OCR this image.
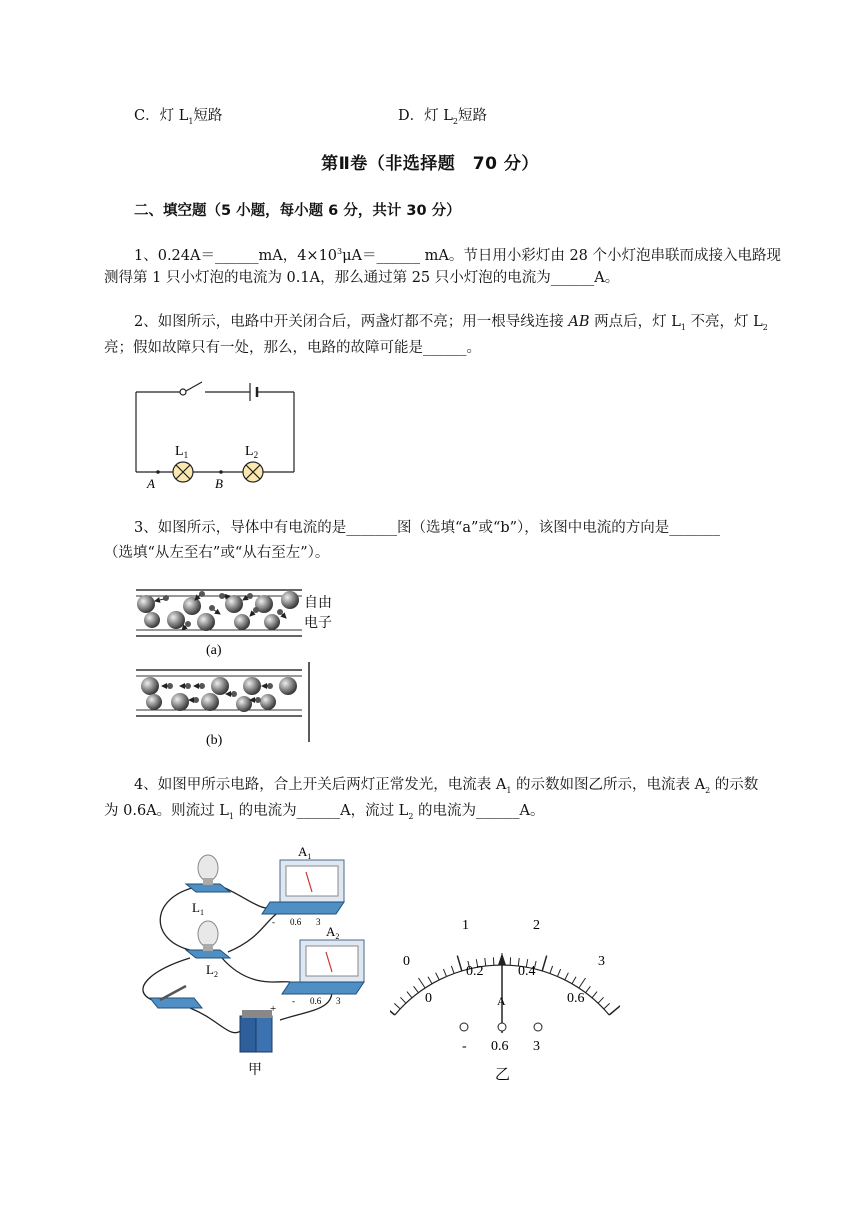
C．灯 $L_1$短路	D．灯 $L_2$短路
第Ⅱ卷（非选择题　70 分）
二、填空题（5 小题，每小题 6 分，共计 30 分）
1、0.24A＝______mA，$4\times 10^3\mu A=\_\_\_\_\_\_$ mA。节日用小彩灯由 28 个小灯泡串联而成接入电路现
测得第 1 只小灯泡的电流为 0.1A，那么通过第 25 只小灯泡的电流为______A。
2、如图所示，电路中开关闭合后，两盏灯都不亮；用一根导线连接 AB 两点后，灯 $L_1$ 不亮，灯 $L_2$
亮；假如故障只有一处，那么，电路的故障可能是______。
$L_1$	$L_2$
A	B
3、如图所示，导体中有电流的是_______图（选填“a”或“b”），该图中电流的方向是_______
（选填“从左至右”或“从右至左”）。
自由
电子
(a)
(b)
4、如图甲所示电路，合上开关后两灯正常发光，电流表 $A_1$ 的示数如图乙所示，电流表 $A_2$ 的示数
为 0.6A。则流过 $L_1$ 的电流为______A，流过 $L_2$ 的电流为______A。
$L_1$
$L_2$
$A_1$
- 0.6 3
$A_2$
- 0.6 3
+
甲
0
1	2
3
0
0.2 0.4
0.6
A
- 0.6 3
乙
